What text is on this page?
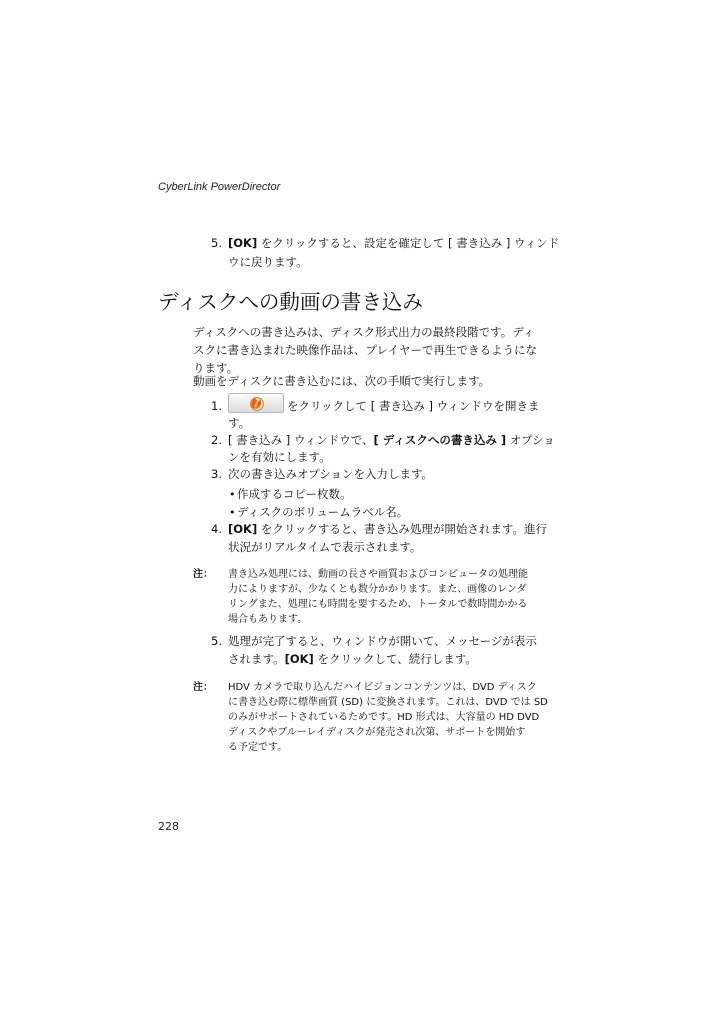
CyberLink PowerDirector
5. [OK] をクリックすると、設定を確定して [ 書き込み ] ウィンド
ウに戻ります。
ディスクへの動画の書き込み
ディスクへの書き込みは、ディスク形式出力の最終段階です。ディ
スクに書き込まれた映像作品は、プレイヤーで再生できるようにな
ります。
動画をディスクに書き込むには、次の手順で実行します。
1.	をクリックして [ 書き込み ] ウィンドウを開きま
す。
2. [ 書き込み ] ウィンドウで、[ ディスクへの書き込み ] オプショ
ンを有効にします。
3. 次の書き込みオプションを入力します。
• 作成するコピー枚数。
• ディスクのボリュームラベル名。
4. [OK] をクリックすると、書き込み処理が開始されます。進行
状況がリアルタイムで表示されます。
注： 書き込み処理には、動画の長さや画質およびコンピュータの処理能
力によりますが、少なくとも数分かかります。また、画像のレンダ
リングまた、処理にも時間を要するため、トータルで数時間かかる
場合もあります。
5. 処理が完了すると、ウィンドウが開いて、メッセージが表示
されます。[OK] をクリックして、続行します。
注： HDV カメラで取り込んだハイビジョンコンテンツは、DVD ディスク
に書き込む際に標準画質 (SD) に変換されます。これは、DVD では SD
のみがサポートされているためです。HD 形式は、大容量の HD DVD
ディスクやブルーレイディスクが発売され次第、サポートを開始す
る予定です。
228
